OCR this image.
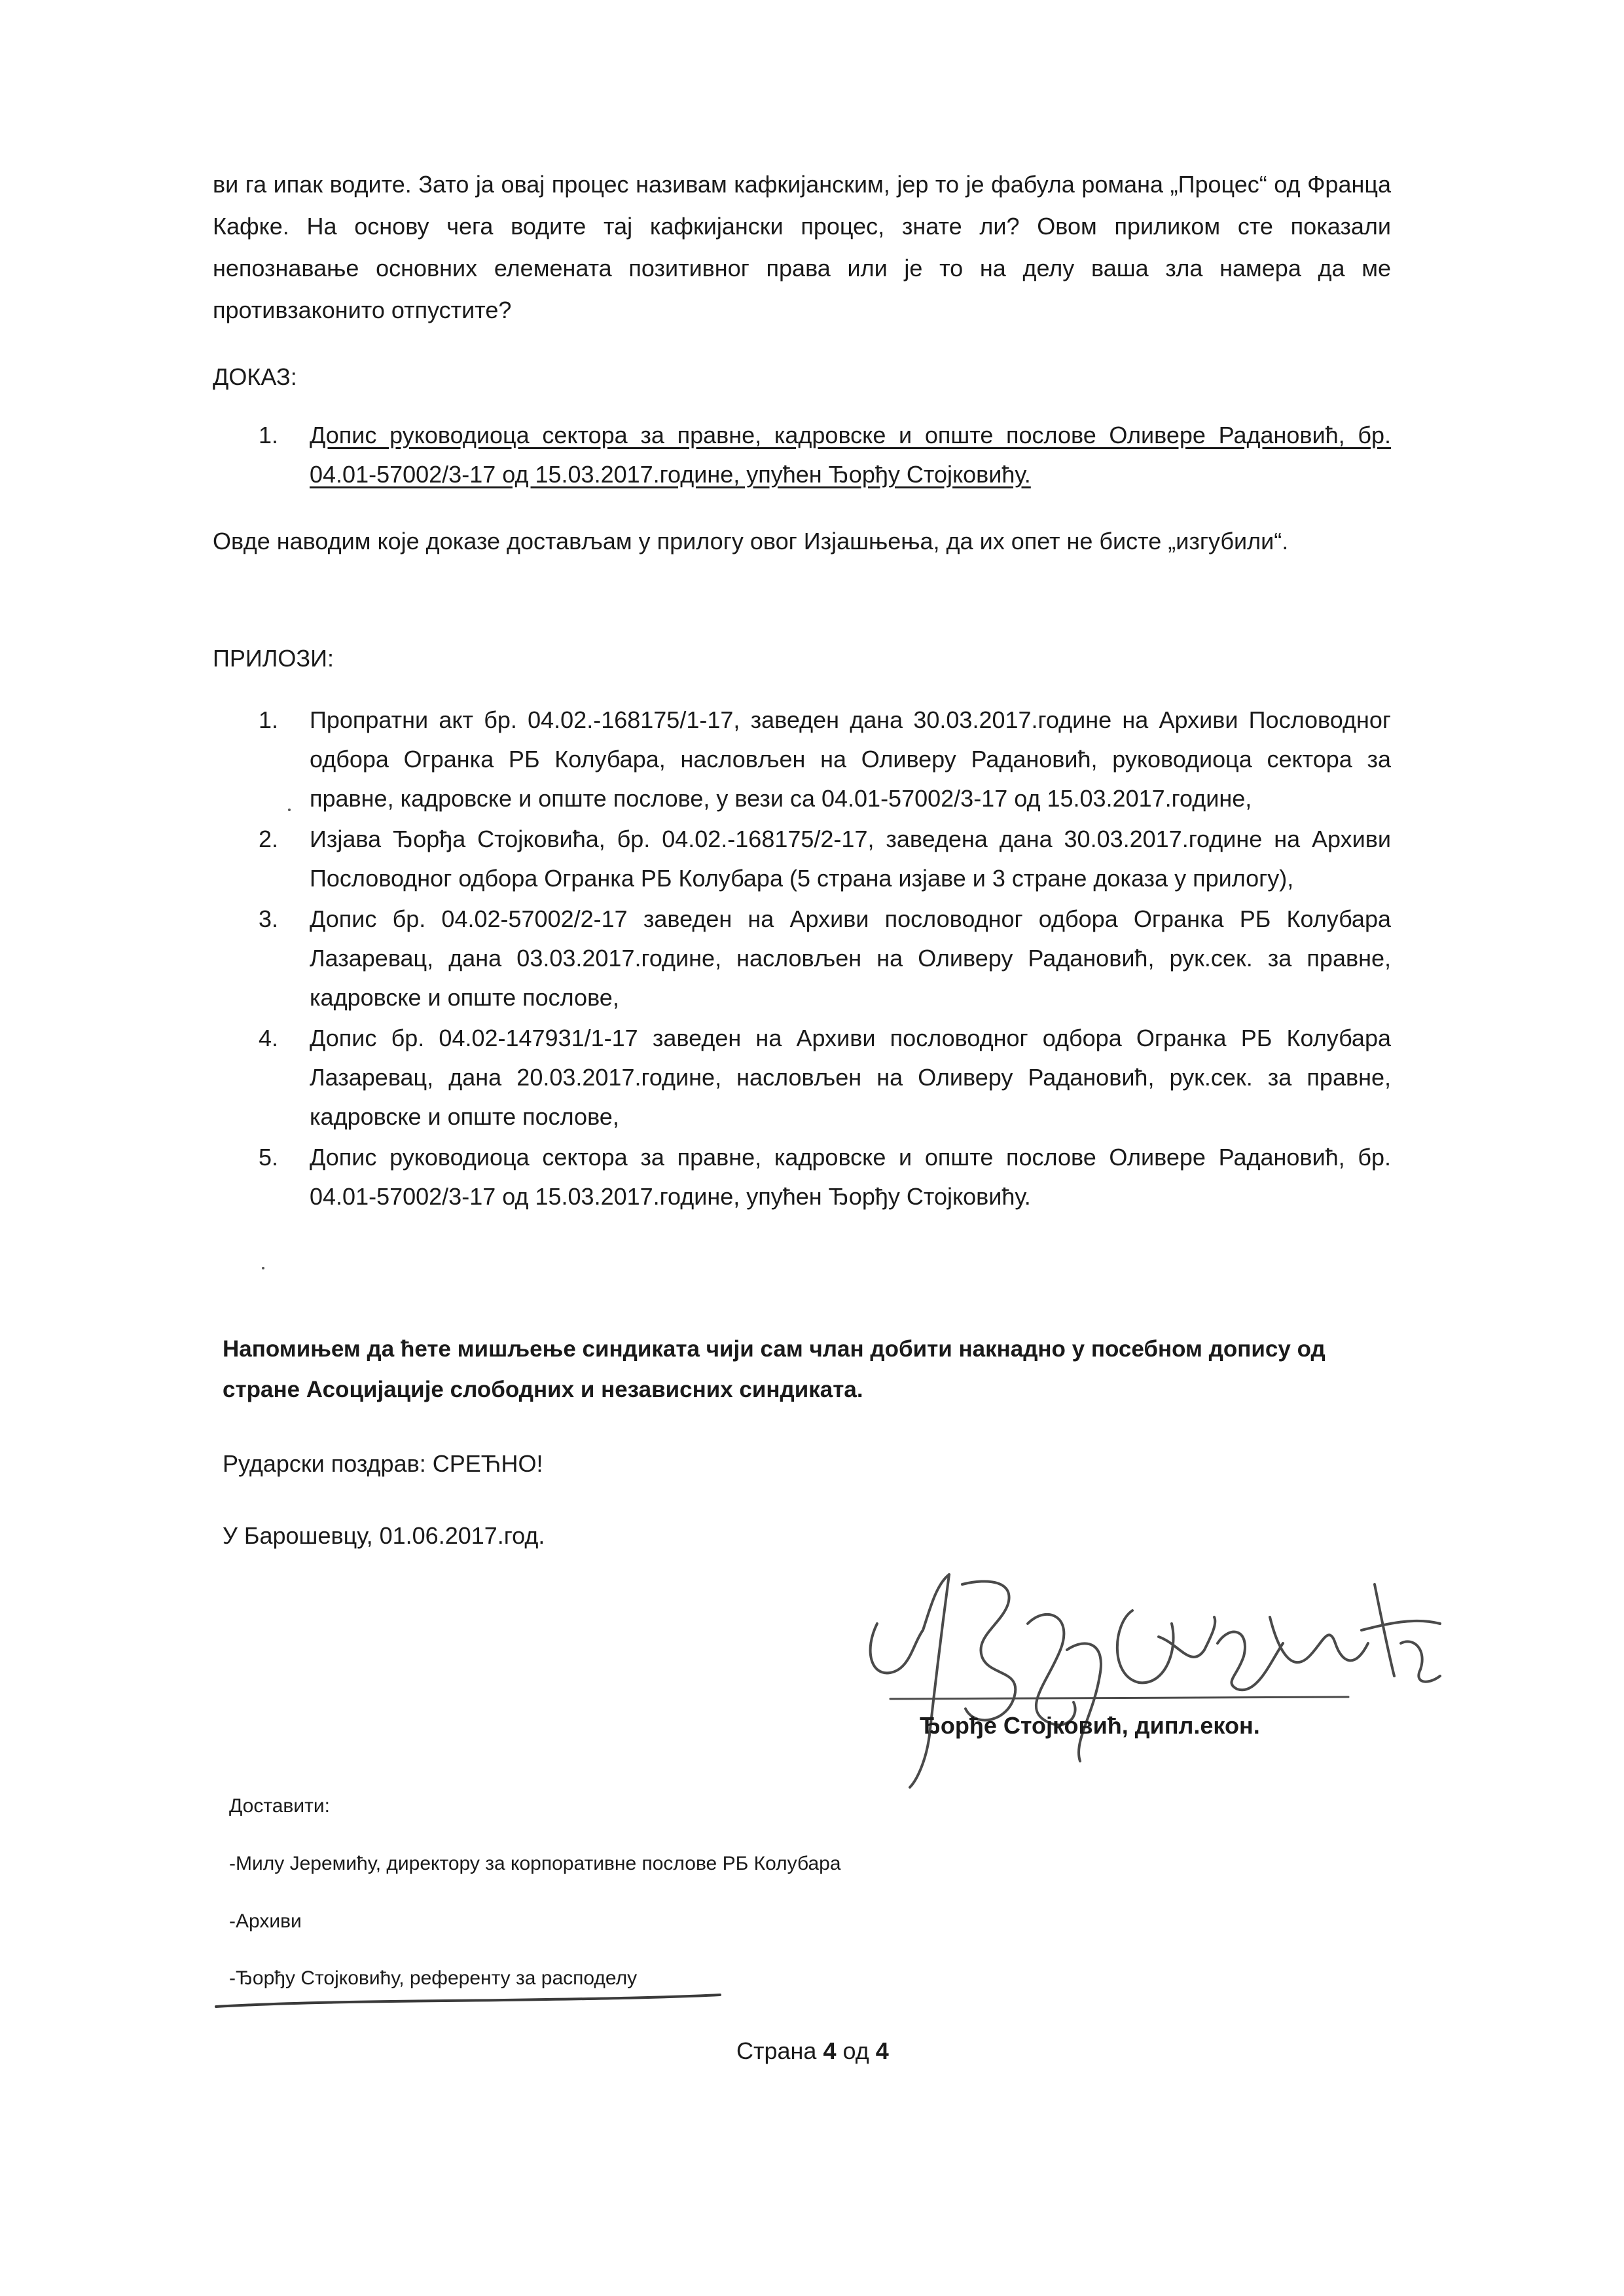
ви га ипак водите. Зато ја овај процес називам кафкијанским, јер то је фабула романа „Процес“ од Франца Кафке. На основу чега водите тај кафкијански процес, знате ли? Овом приликом сте показали непознавање основних елемената позитивног права или је то на делу ваша зла намера да ме противзаконито отпустите?
ДОКАЗ:
1. Допис руководиоца сектора за правне, кадровске и опште послове Оливере Радановић, бр. 04.01-57002/3-17 од 15.03.2017.године, упућен Ђорђу Стојковићу.
Овде наводим које доказе достављам у прилогу овог Изјашњења, да их опет не бисте „изгубили“.
ПРИЛОЗИ:
1. Пропратни акт бр. 04.02.-168175/1-17, заведен дана 30.03.2017.године на Архиви Пословодног одбора Огранка РБ Колубара, насловљен на Оливеру Радановић, руководиоца сектора за правне, кадровске и опште послове, у вези са 04.01-57002/3-17 од 15.03.2017.године,
2. Изјава Ђорђа Стојковића, бр. 04.02.-168175/2-17, заведена дана 30.03.2017.године на Архиви Пословодног одбора Огранка РБ Колубара (5 страна изјаве и 3 стране доказа у прилогу),
3. Допис бр. 04.02-57002/2-17 заведен на Архиви пословодног одбора Огранка РБ Колубара Лазаревац, дана 03.03.2017.године, насловљен на Оливеру Радановић, рук.сек. за правне, кадровске и опште послове,
4. Допис бр. 04.02-147931/1-17 заведен на Архиви пословодног одбора Огранка РБ Колубара Лазаревац, дана 20.03.2017.године, насловљен на Оливеру Радановић, рук.сек. за правне, кадровске и опште послове,
5. Допис руководиоца сектора за правне, кадровске и опште послове Оливере Радановић, бр. 04.01-57002/3-17 од 15.03.2017.године, упућен Ђорђу Стојковићу.
Напомињем да ћете мишљење синдиката чији сам члан добити накнадно у посебном допису од стране Асоцијације слободних и независних синдиката.
Рударски поздрав: СРЕЋНО!
У Барошевцу, 01.06.2017.год.
Ђорђе Стојковић, дипл.екон.
Доставити:
-Милу Јеремићу, директору за корпоративне послове РБ Колубара
-Архиви
-Ђорђу Стојковићу, референту за расподелу
Страна 4 од 4
